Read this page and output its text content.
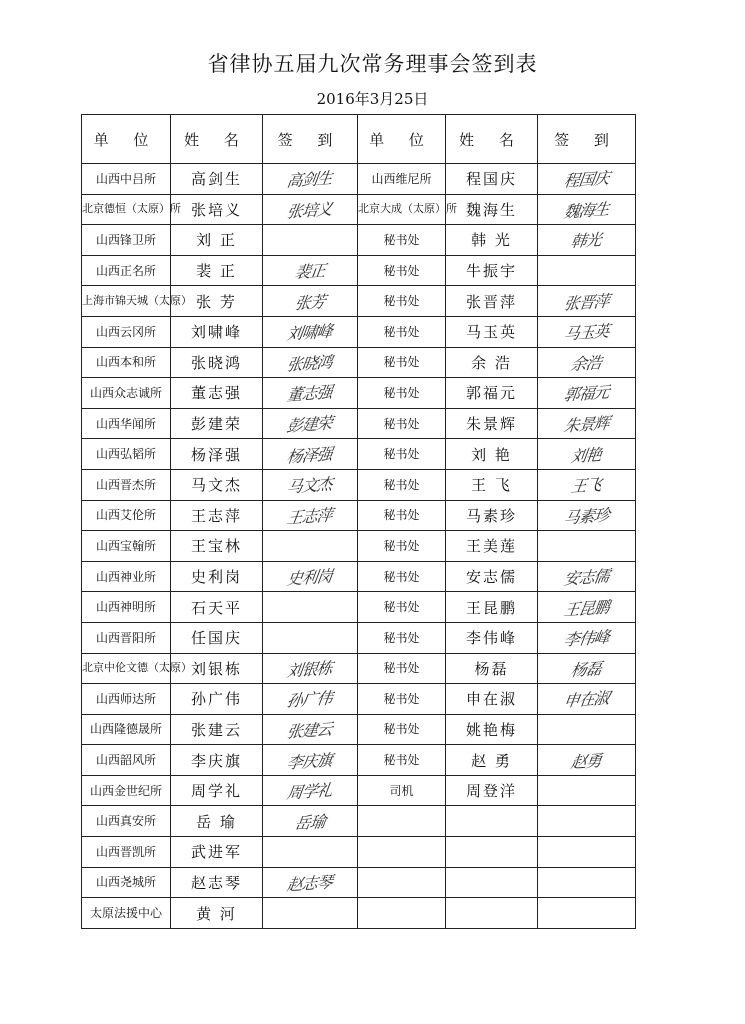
省律协五届九次常务理事会签到表
2016年3月25日
单 位	姓 名	签 到	单 位	姓 名	签 到
山西中吕所	高剑生	高剑生	山西维尼所	程国庆	程国庆
北京德恒（太原）所	张培义	张培义	北京大成（太原）所	魏海生	魏海生
山西锋卫所	刘 正		秘书处	韩 光	韩光
山西正名所	裴 正	裴正	秘书处	牛振宇	
上海市锦天城（太原）	张 芳	张芳	秘书处	张晋萍	张晋萍
山西云冈所	刘啸峰	刘啸峰	秘书处	马玉英	马玉英
山西本和所	张晓鸿	张晓鸿	秘书处	余 浩	余浩
山西众志诚所	董志强	董志强	秘书处	郭福元	郭福元
山西华闻所	彭建荣	彭建荣	秘书处	朱景辉	朱景辉
山西弘韬所	杨泽强	杨泽强	秘书处	刘 艳	刘艳
山西晋杰所	马文杰	马文杰	秘书处	王 飞	王飞
山西艾伦所	王志萍	王志萍	秘书处	马素珍	马素珍
山西宝翰所	王宝林		秘书处	王美莲	
山西神业所	史利岗	史利岗	秘书处	安志儒	安志儒
山西神明所	石天平		秘书处	王昆鹏	王昆鹏
山西晋阳所	任国庆		秘书处	李伟峰	李伟峰
北京中伦文德（太原）	刘银栋	刘银栋	秘书处	杨磊	杨磊
山西师达所	孙广伟	孙广伟	秘书处	申在淑	申在淑
山西隆德晟所	张建云	张建云	秘书处	姚艳梅	
山西韶风所	李庆旗	李庆旗	秘书处	赵 勇	赵勇
山西金世纪所	周学礼	周学礼	司机	周登洋	
山西真安所	岳 瑜	岳瑜			
山西晋凯所	武进军				
山西尧城所	赵志琴	赵志琴			
太原法援中心	黄 河				
